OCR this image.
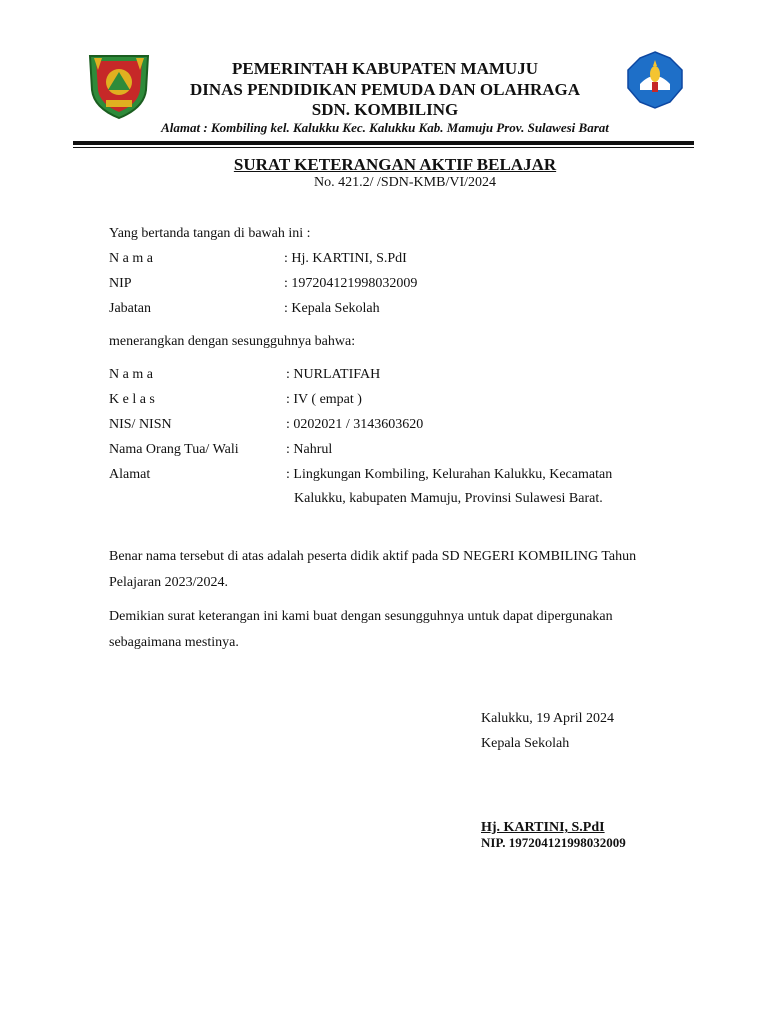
PEMERINTAH KABUPATEN MAMUJU
DINAS PENDIDIKAN PEMUDA DAN OLAHRAGA
SDN. KOMBILING
Alamat : Kombiling kel. Kalukku Kec. Kalukku Kab. Mamuju Prov. Sulawesi Barat
SURAT KETERANGAN AKTIF BELAJAR
No. 421.2/ /SDN-KMB/VI/2024
Yang bertanda tangan di bawah ini :
N a m a	: Hj. KARTINI, S.PdI
NIP	: 197204121998032009
Jabatan	: Kepala Sekolah
menerangkan dengan sesungguhnya bahwa:
N a m a	: NURLATIFAH
K e l a s	: IV ( empat )
NIS/ NISN	: 0202021 / 3143603620
Nama Orang Tua/ Wali	: Nahrul
Alamat	: Lingkungan Kombiling, Kelurahan Kalukku, Kecamatan
Kalukku, kabupaten Mamuju, Provinsi Sulawesi Barat.
Benar nama tersebut di atas adalah peserta didik aktif pada SD NEGERI KOMBILING Tahun Pelajaran 2023/2024.
Demikian surat keterangan ini kami buat dengan sesungguhnya untuk dapat dipergunakan sebagaimana mestinya.
Kalukku, 19 April 2024
Kepala Sekolah
Hj. KARTINI, S.PdI
NIP. 197204121998032009
